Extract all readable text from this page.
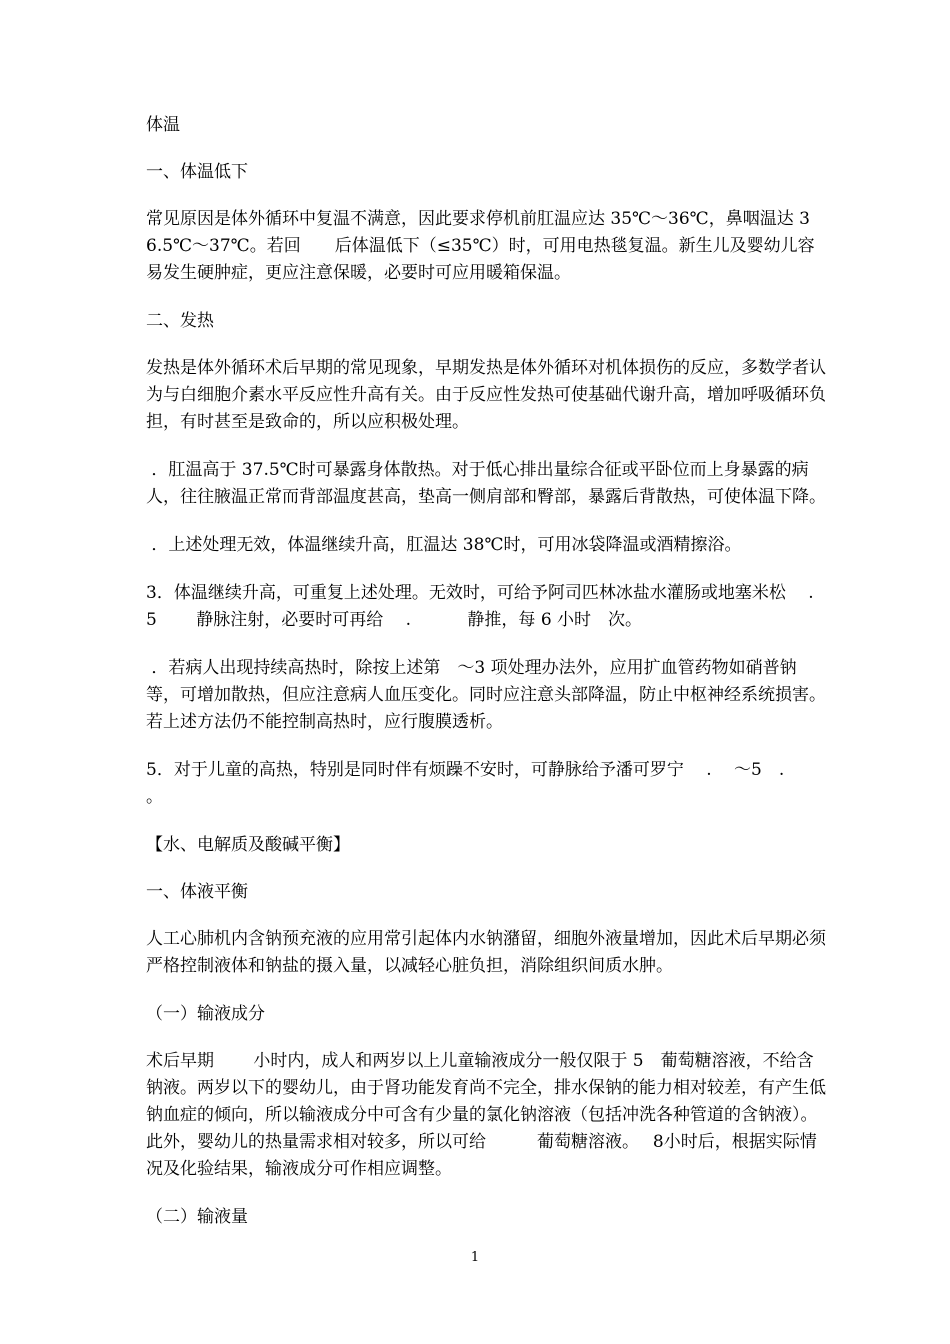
体温

一、体温低下

常见原因是体外循环中复温不满意，因此要求停机前肛温应达 35℃～36℃，鼻咽温达 36.5℃～37℃。若回　　后体温低下（≤35℃）时，可用电热毯复温。新生儿及婴幼儿容易发生硬肿症，更应注意保暖，必要时可应用暖箱保温。

二、发热

发热是体外循环术后早期的常见现象，早期发热是体外循环对机体损伤的反应，多数学者认为与白细胞介素水平反应性升高有关。由于反应性发热可使基础代谢升高，增加呼吸循环负担，有时甚至是致命的，所以应积极处理。

．肛温高于 37.5℃时可暴露身体散热。对于低心排出量综合征或平卧位而上身暴露的病人，往往腋温正常而背部温度甚高，垫高一侧肩部和臀部，暴露后背散热，可使体温下降。

．上述处理无效，体温继续升高，肛温达 38℃时，可用冰袋降温或酒精擦浴。

3．体温继续升高，可重复上述处理。无效时，可给予阿司匹林冰盐水灌肠或地塞米松　 .　 5　　 静脉注射，必要时可再给　 .　　　 静推，每 6 小时　次。

．若病人出现持续高热时，除按上述第　～3 项处理办法外，应用扩血管药物如硝普钠等，可增加散热，但应注意病人血压变化。同时应注意头部降温，防止中枢神经系统损害。若上述方法仍不能控制高热时，应行腹膜透析。

5．对于儿童的高热，特别是同时伴有烦躁不安时，可静脉给予潘可罗宁　 .　 ～5　.　　　。

【水、电解质及酸碱平衡】

一、体液平衡

人工心肺机内含钠预充液的应用常引起体内水钠潴留，细胞外液量增加，因此术后早期必须严格控制液体和钠盐的摄入量，以减轻心脏负担，消除组织间质水肿。

（一）输液成分

术后早期　　 小时内，成人和两岁以上儿童输液成分一般仅限于 5　葡萄糖溶液，不给含钠液。两岁以下的婴幼儿，由于肾功能发育尚不完全，排水保钠的能力相对较差，有产生低钠血症的倾向，所以输液成分中可含有少量的氯化钠溶液（包括冲洗各种管道的含钠液）。此外，婴幼儿的热量需求相对较多，所以可给　　　葡萄糖溶液。　 8小时后，根据实际情况及化验结果，输液成分可作相应调整。

（二）输液量

1
